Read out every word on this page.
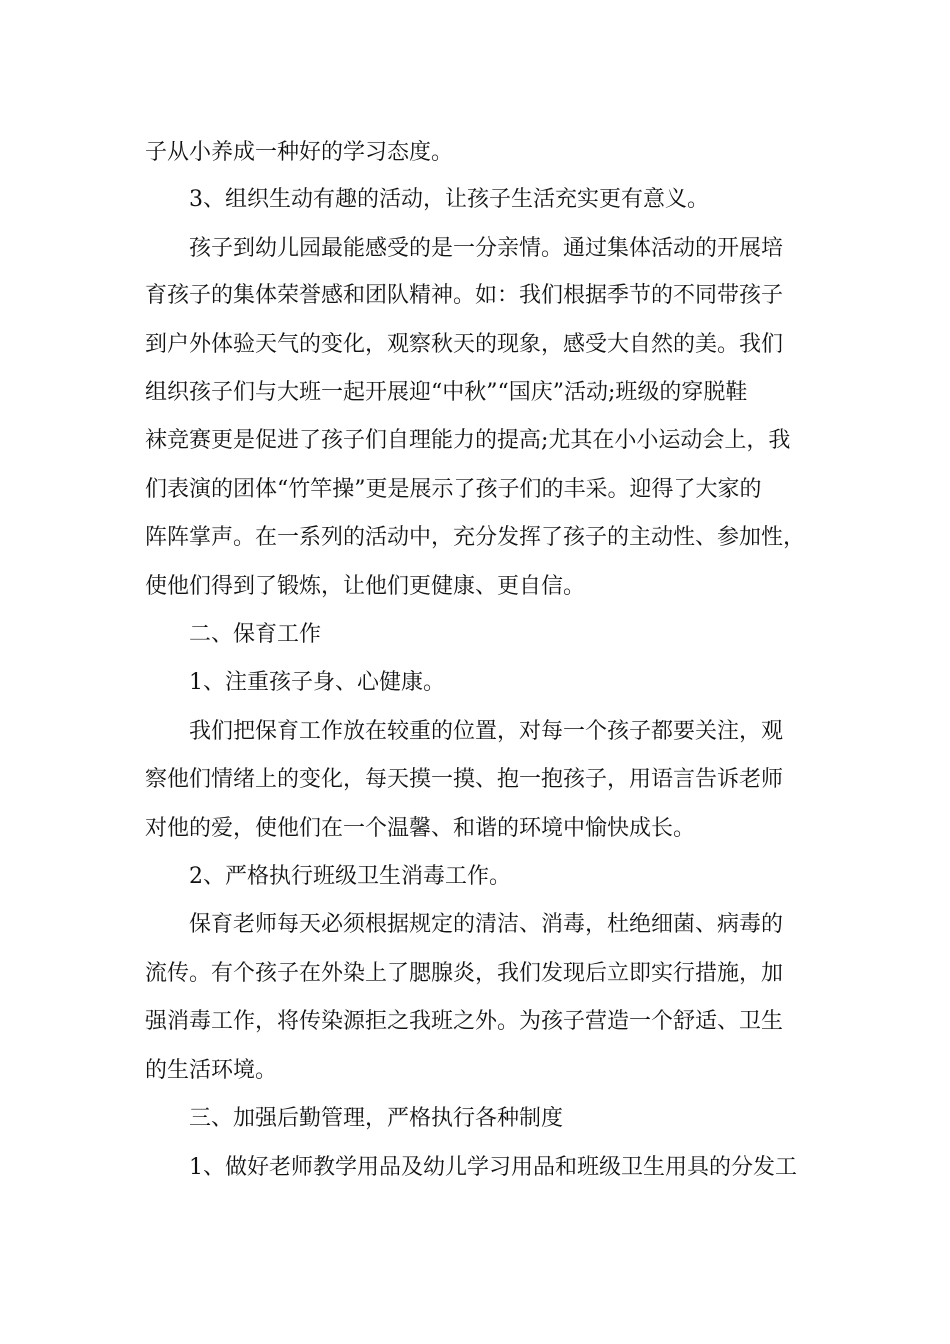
子从小养成一种好的学习态度。

3、组织生动有趣的活动，让孩子生活充实更有意义。

孩子到幼儿园最能感受的是一分亲情。通过集体活动的开展培

育孩子的集体荣誉感和团队精神。如：我们根据季节的不同带孩子

到户外体验天气的变化，观察秋天的现象，感受大自然的美。我们

组织孩子们与大班一起开展迎“中秋”“国庆”活动;班级的穿脱鞋

袜竞赛更是促进了孩子们自理能力的提高;尤其在小小运动会上，我

们表演的团体“竹竿操”更是展示了孩子们的丰采。迎得了大家的

阵阵掌声。在一系列的活动中，充分发挥了孩子的主动性、参加性，

使他们得到了锻炼，让他们更健康、更自信。

二、保育工作

1、注重孩子身、心健康。

我们把保育工作放在较重的位置，对每一个孩子都要关注，观

察他们情绪上的变化，每天摸一摸、抱一抱孩子，用语言告诉老师

对他的爱，使他们在一个温馨、和谐的环境中愉快成长。

2、严格执行班级卫生消毒工作。

保育老师每天必须根据规定的清洁、消毒，杜绝细菌、病毒的

流传。有个孩子在外染上了腮腺炎，我们发现后立即实行措施，加

强消毒工作，将传染源拒之我班之外。为孩子营造一个舒适、卫生

的生活环境。

三、加强后勤管理，严格执行各种制度

1、做好老师教学用品及幼儿学习用品和班级卫生用具的分发工
